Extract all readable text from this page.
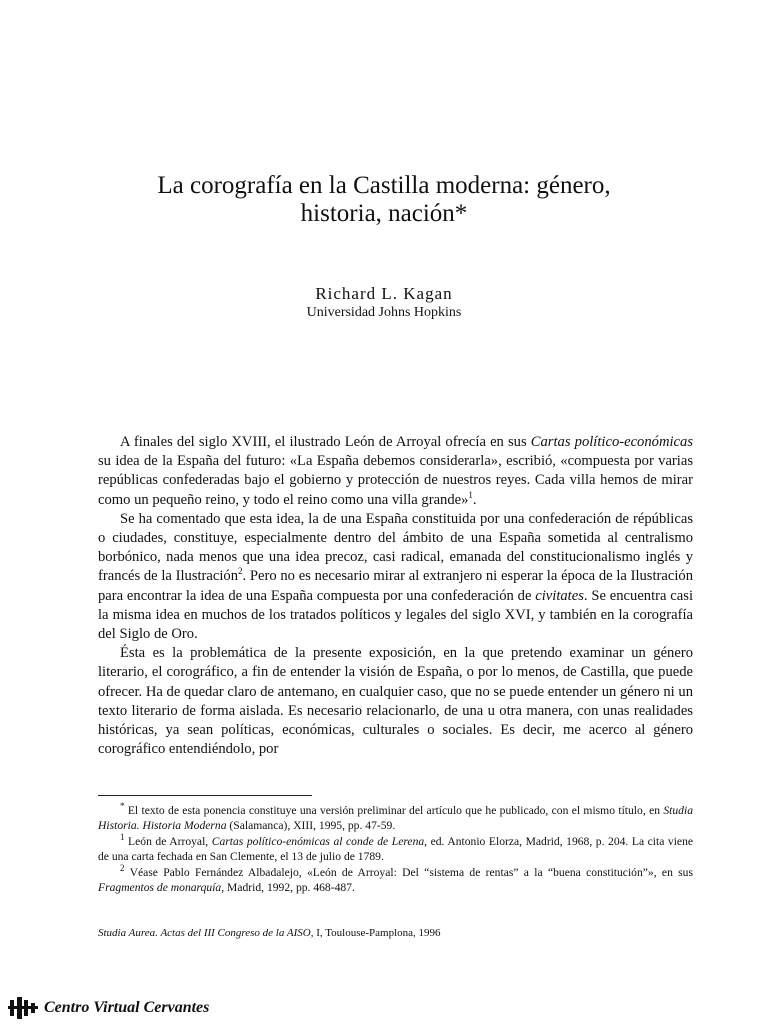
La corografía en la Castilla moderna: género,
historia, nación*
Richard L. Kagan
Universidad Johns Hopkins

A finales del siglo XVIII, el ilustrado León de Arroyal ofrecía en sus Cartas político-económicas su idea de la España del futuro: «La España debemos considerarla», escribió, «compuesta por varias repúblicas confederadas bajo el gobierno y protección de nuestros reyes. Cada villa hemos de mirar como un pequeño reino, y todo el reino como una villa grande»$^1$.

Se ha comentado que esta idea, la de una España constituida por una confederación de répúblicas o ciudades, constituye, especialmente dentro del ámbito de una España sometida al centralismo borbónico, nada menos que una idea precoz, casi radical, emanada del constitucionalismo inglés y francés de la Ilustración$^2$. Pero no es necesario mirar al extranjero ni esperar la época de la Ilustración para encontrar la idea de una España compuesta por una confederación de civitates. Se encuentra casi la misma idea en muchos de los tratados políticos y legales del siglo XVI, y también en la corografía del Siglo de Oro.

Ésta es la problemática de la presente exposición, en la que pretendo examinar un género literario, el corográfico, a fin de entender la visión de España, o por lo menos, de Castilla, que puede ofrecer. Ha de quedar claro de antemano, en cualquier caso, que no se puede entender un género ni un texto literario de forma aislada. Es necesario relacionarlo, de una u otra manera, con unas realidades históricas, ya sean políticas, económicas, culturales o sociales. Es decir, me acerco al género corográfico entendiéndolo, por

* El texto de esta ponencia constituye una versión preliminar del artículo que he publicado, con el mismo título, en Studia Historia. Historia Moderna (Salamanca), XIII, 1995, pp. 47-59.

$^1$ León de Arroyal, Cartas político-enómicas al conde de Lerena, ed. Antonio Elorza, Madrid, 1968, p. 204. La cita viene de una carta fechada en San Clemente, el 13 de julio de 1789.

$^2$ Véase Pablo Fernández Albadalejo, «León de Arroyal: Del “sistema de rentas” a la “buena constitución”», en sus Fragmentos de monarquía, Madrid, 1992, pp. 468-487.

Studia Aurea. Actas del III Congreso de la AISO, I, Toulouse-Pamplona, 1996
Centro Virtual Cervantes
